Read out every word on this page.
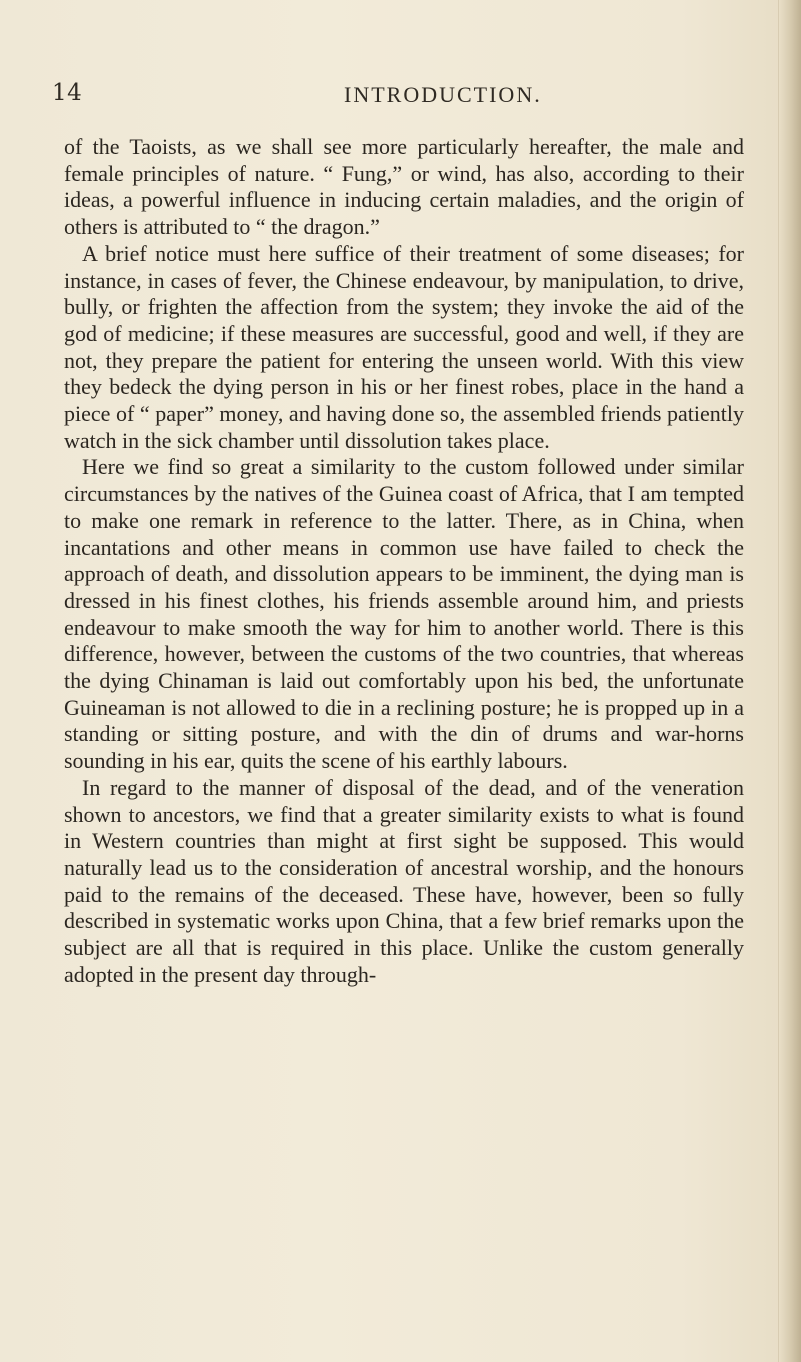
14	INTRODUCTION.

of the Taoists, as we shall see more particularly hereafter, the male and female principles of nature. “ Fung,” or wind, has also, according to their ideas, a powerful influence in inducing certain maladies, and the origin of others is attributed to “ the dragon.”

A brief notice must here suffice of their treatment of some diseases; for instance, in cases of fever, the Chinese endeavour, by manipulation, to drive, bully, or frighten the affection from the system; they invoke the aid of the god of medicine; if these measures are successful, good and well, if they are not, they prepare the patient for entering the unseen world. With this view they bedeck the dying person in his or her finest robes, place in the hand a piece of “ paper” money, and having done so, the assembled friends patiently watch in the sick chamber until dissolution takes place.

Here we find so great a similarity to the custom followed under similar circumstances by the natives of the Guinea coast of Africa, that I am tempted to make one remark in reference to the latter. There, as in China, when incantations and other means in common use have failed to check the approach of death, and dissolution appears to be imminent, the dying man is dressed in his finest clothes, his friends assemble around him, and priests endeavour to make smooth the way for him to another world. There is this difference, however, between the customs of the two countries, that whereas the dying Chinaman is laid out comfortably upon his bed, the unfortunate Guineaman is not allowed to die in a reclining posture; he is propped up in a standing or sitting posture, and with the din of drums and war-horns sounding in his ear, quits the scene of his earthly labours.

In regard to the manner of disposal of the dead, and of the veneration shown to ancestors, we find that a greater similarity exists to what is found in Western countries than might at first sight be supposed. This would naturally lead us to the consideration of ancestral worship, and the honours paid to the remains of the deceased. These have, however, been so fully described in systematic works upon China, that a few brief remarks upon the subject are all that is required in this place. Unlike the custom generally adopted in the present day through-
